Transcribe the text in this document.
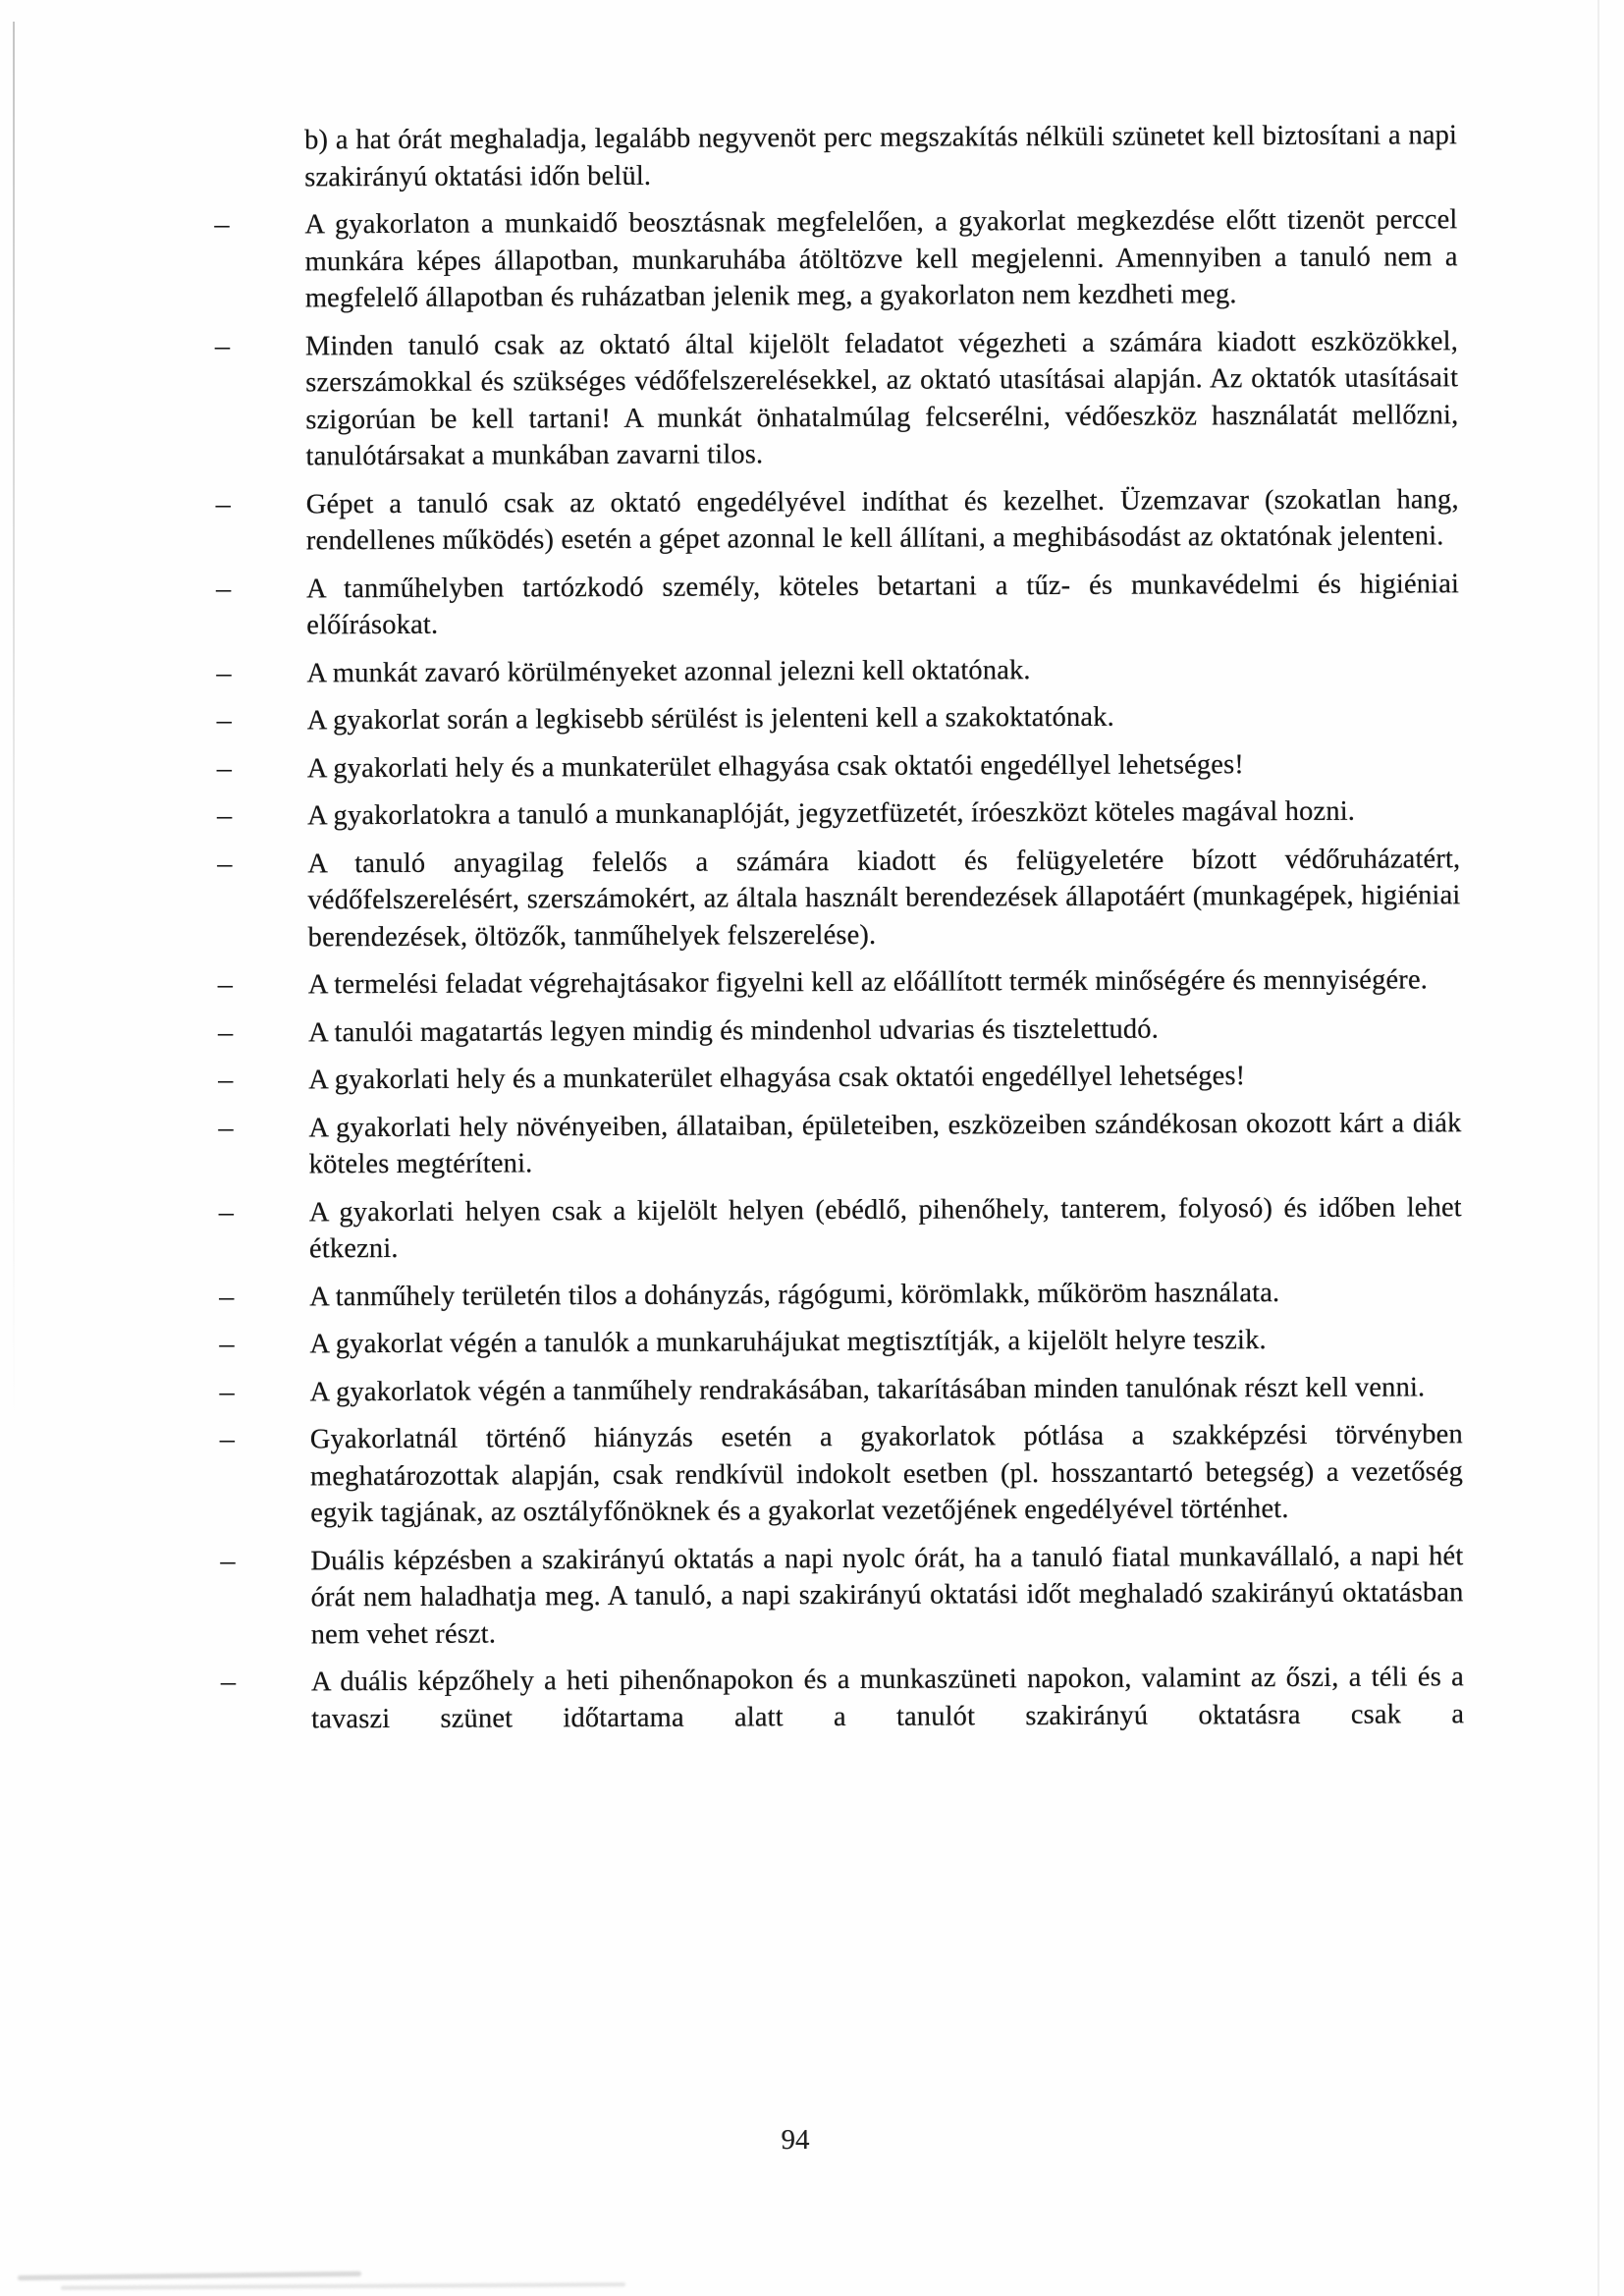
b) a hat órát meghaladja, legalább negyvenöt perc megszakítás nélküli szünetet kell biztosítani a napi szakirányú oktatási időn belül.

–	A gyakorlaton a munkaidő beosztásnak megfelelően, a gyakorlat megkezdése előtt tizenöt perccel munkára képes állapotban, munkaruhába átöltözve kell megjelenni. Amennyiben a tanuló nem a megfelelő állapotban és ruházatban jelenik meg, a gyakorlaton nem kezdheti meg.

–	Minden tanuló csak az oktató által kijelölt feladatot végezheti a számára kiadott eszközökkel, szerszámokkal és szükséges védőfelszerelésekkel, az oktató utasításai alapján. Az oktatók utasításait szigorúan be kell tartani! A munkát önhatalmúlag felcserélni, védőeszköz használatát mellőzni, tanulótársakat a munkában zavarni tilos.

–	Gépet a tanuló csak az oktató engedélyével indíthat és kezelhet. Üzemzavar (szokatlan hang, rendellenes működés) esetén a gépet azonnal le kell állítani, a meghibásodást az oktatónak jelenteni.

–	A tanműhelyben tartózkodó személy, köteles betartani a tűz- és munkavédelmi és higiéniai előírásokat.

–	A munkát zavaró körülményeket azonnal jelezni kell oktatónak.

–	A gyakorlat során a legkisebb sérülést is jelenteni kell a szakoktatónak.

–	A gyakorlati hely és a munkaterület elhagyása csak oktatói engedéllyel lehetséges!

–	A gyakorlatokra a tanuló a munkanaplóját, jegyzetfüzetét, íróeszközt köteles magával hozni.

–	A tanuló anyagilag felelős a számára kiadott és felügyeletére bízott védőruházatért, védőfelszerelésért, szerszámokért, az általa használt berendezések állapotáért (munkagépek, higiéniai berendezések, öltözők, tanműhelyek felszerelése).

–	A termelési feladat végrehajtásakor figyelni kell az előállított termék minőségére és mennyiségére.

–	A tanulói magatartás legyen mindig és mindenhol udvarias és tisztelettudó.

–	A gyakorlati hely és a munkaterület elhagyása csak oktatói engedéllyel lehetséges!

–	A gyakorlati hely növényeiben, állataiban, épületeiben, eszközeiben szándékosan okozott kárt a diák köteles megtéríteni.

–	A gyakorlati helyen csak a kijelölt helyen (ebédlő, pihenőhely, tanterem, folyosó) és időben lehet étkezni.

–	A tanműhely területén tilos a dohányzás, rágógumi, körömlakk, műköröm használata.

–	A gyakorlat végén a tanulók a munkaruhájukat megtisztítják, a kijelölt helyre teszik.

–	A gyakorlatok végén a tanműhely rendrakásában, takarításában minden tanulónak részt kell venni.

–	Gyakorlatnál történő hiányzás esetén a gyakorlatok pótlása a szakképzési törvényben meghatározottak alapján, csak rendkívül indokolt esetben (pl. hosszantartó betegség) a vezetőség egyik tagjának, az osztályfőnöknek és a gyakorlat vezetőjének engedélyével történhet.

–	Duális képzésben a szakirányú oktatás a napi nyolc órát, ha a tanuló fiatal munkavállaló, a napi hét órát nem haladhatja meg. A tanuló, a napi szakirányú oktatási időt meghaladó szakirányú oktatásban nem vehet részt.

–	A duális képzőhely a heti pihenőnapokon és a munkaszüneti napokon, valamint az őszi, a téli és a tavaszi szünet időtartama alatt a tanulót szakirányú oktatásra csak a

94
